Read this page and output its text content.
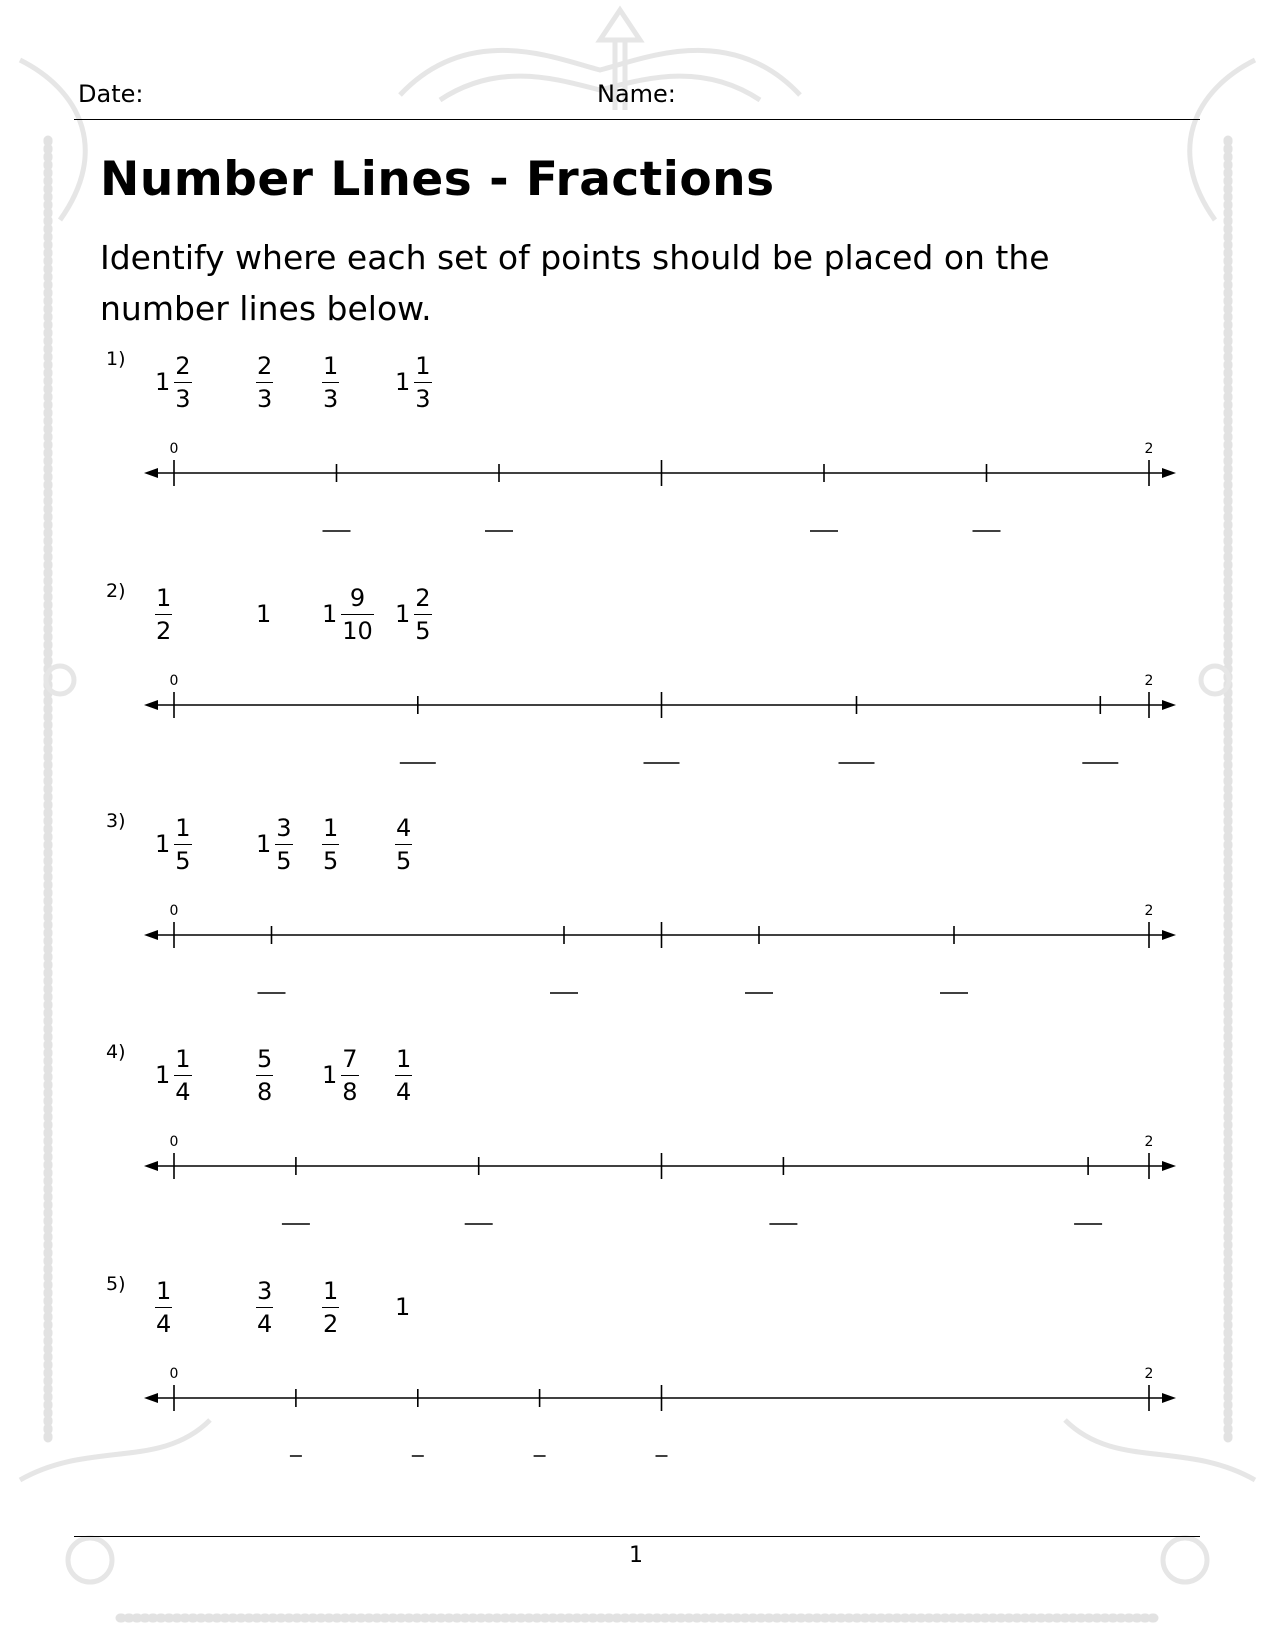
Date:	Name:
Number Lines - Fractions

Identify where each set of points should be placed on the number lines below.

1)
$1 \frac{2}{3}$	$\frac{2}{3} \frac{1}{3} 1 \frac{1}{3}$
0	2
$2) \frac{1}{2}$	1 $1 \frac{9}{10} 1 \frac{2}{5}$
0	2
3)
$1 \frac{1}{5}$	$1 \frac{3}{5} \frac{1}{5} \frac{4}{5}$
0	2
4)
$1 \frac{1}{4}$	$\frac{5}{8} 1 \frac{7}{8} \frac{1}{4}$
0	2
$5) \frac{1}{4}$	$\frac{3}{4} \frac{1}{2} 1$
0	2
1
